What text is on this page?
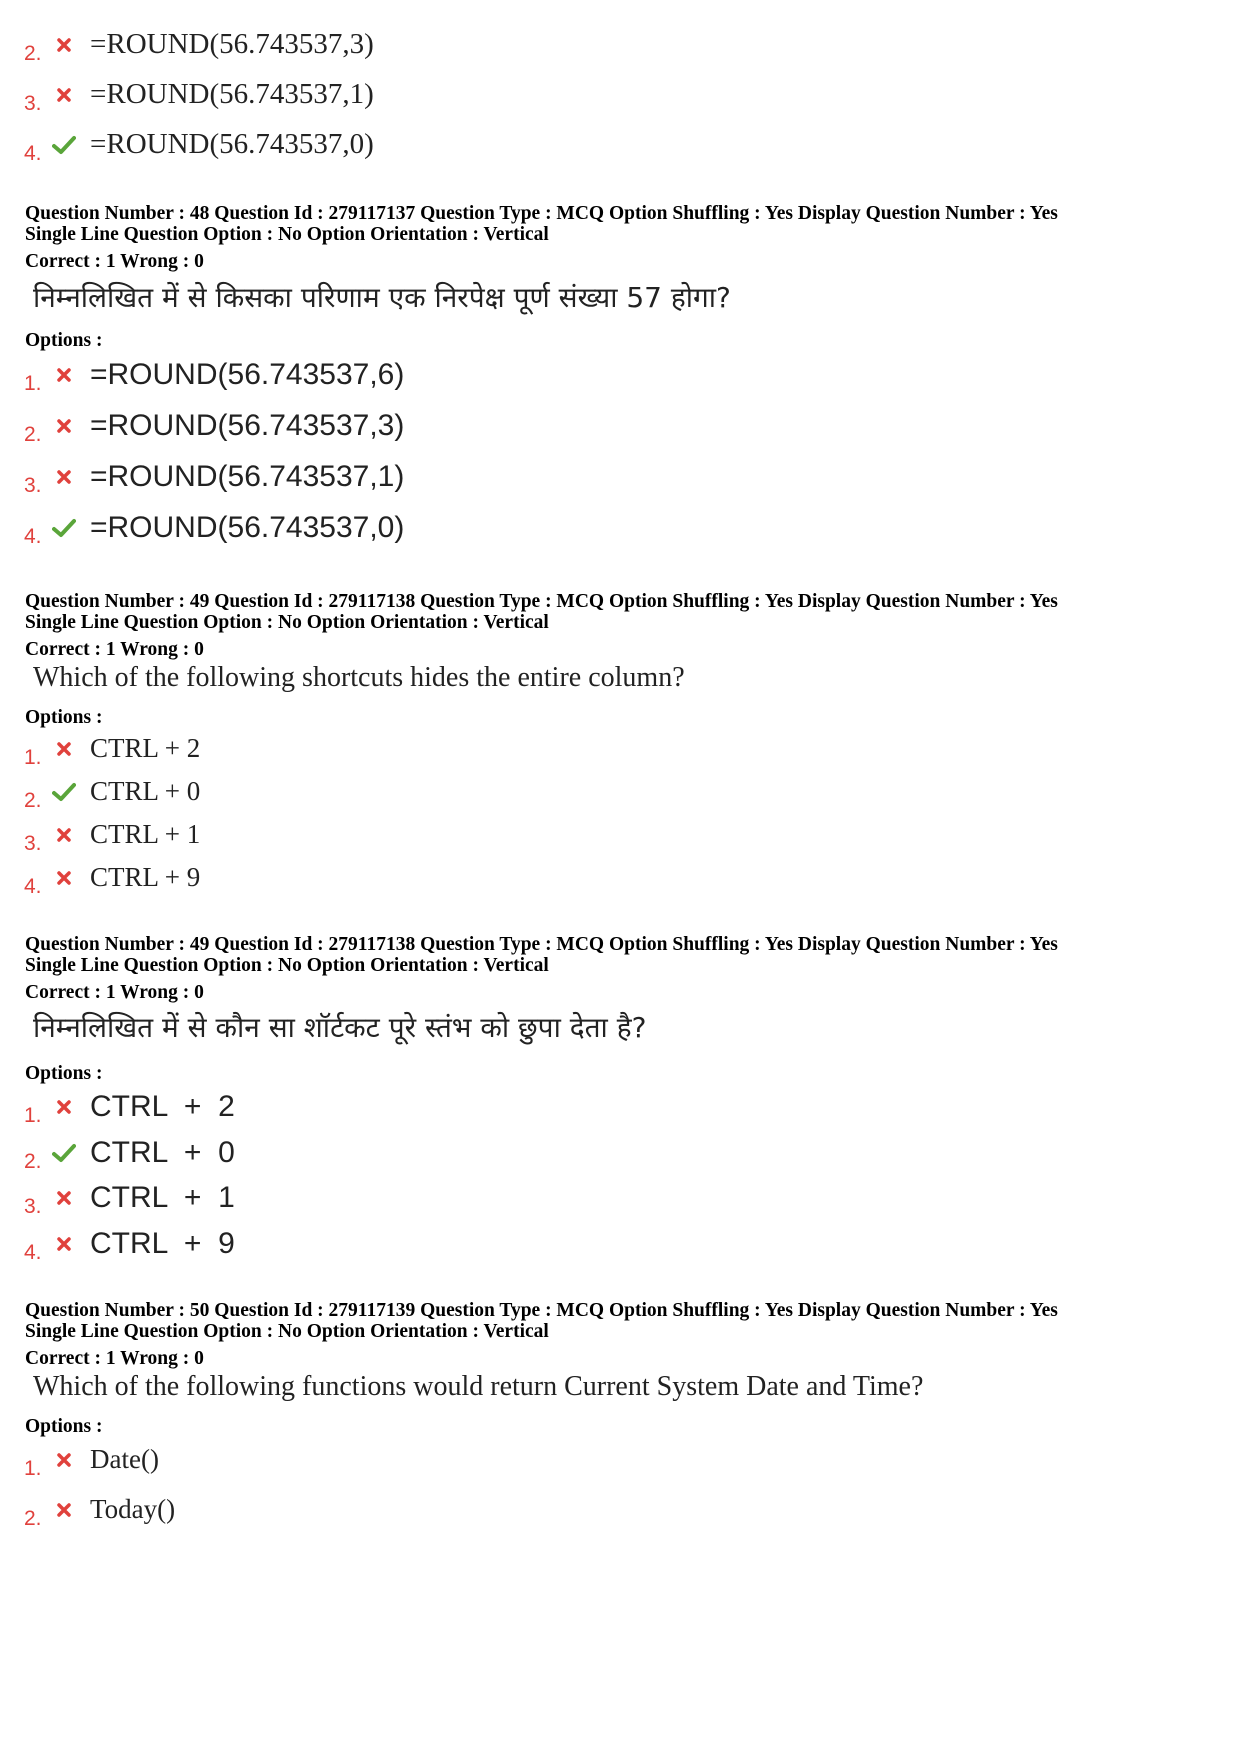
2. =ROUND(56.743537,3)
3. =ROUND(56.743537,1)
4. =ROUND(56.743537,0)
Question Number : 48 Question Id : 279117137 Question Type : MCQ Option Shuffling : Yes Display Question Number : Yes
Single Line Question Option : No Option Orientation : Vertical
Correct : 1 Wrong : 0
निम्नलिखित में से किसका परिणाम एक निरपेक्ष पूर्ण संख्या 57 होगा?
Options :
1. =ROUND(56.743537,6)
2. =ROUND(56.743537,3)
3. =ROUND(56.743537,1)
4. =ROUND(56.743537,0)
Question Number : 49 Question Id : 279117138 Question Type : MCQ Option Shuffling : Yes Display Question Number : Yes
Single Line Question Option : No Option Orientation : Vertical
Correct : 1 Wrong : 0
Which of the following shortcuts hides the entire column?
Options :
1.	CTRL + 2
2.	CTRL + 0
3.	CTRL + 1
4.	CTRL + 9
Question Number : 49 Question Id : 279117138 Question Type : MCQ Option Shuffling : Yes Display Question Number : Yes
Single Line Question Option : No Option Orientation : Vertical
Correct : 1 Wrong : 0
निम्नलिखित में से कौन सा शॉर्टकट पूरे स्तंभ को छुपा देता है?
Options :
1. CTRL  +  2
2. CTRL  +  0
3. CTRL  +  1
4. CTRL  +  9
Question Number : 50 Question Id : 279117139 Question Type : MCQ Option Shuffling : Yes Display Question Number : Yes
Single Line Question Option : No Option Orientation : Vertical
Correct : 1 Wrong : 0
Which of the following functions would return Current System Date and Time?
Options :
1.	Date()
2.	Today()
